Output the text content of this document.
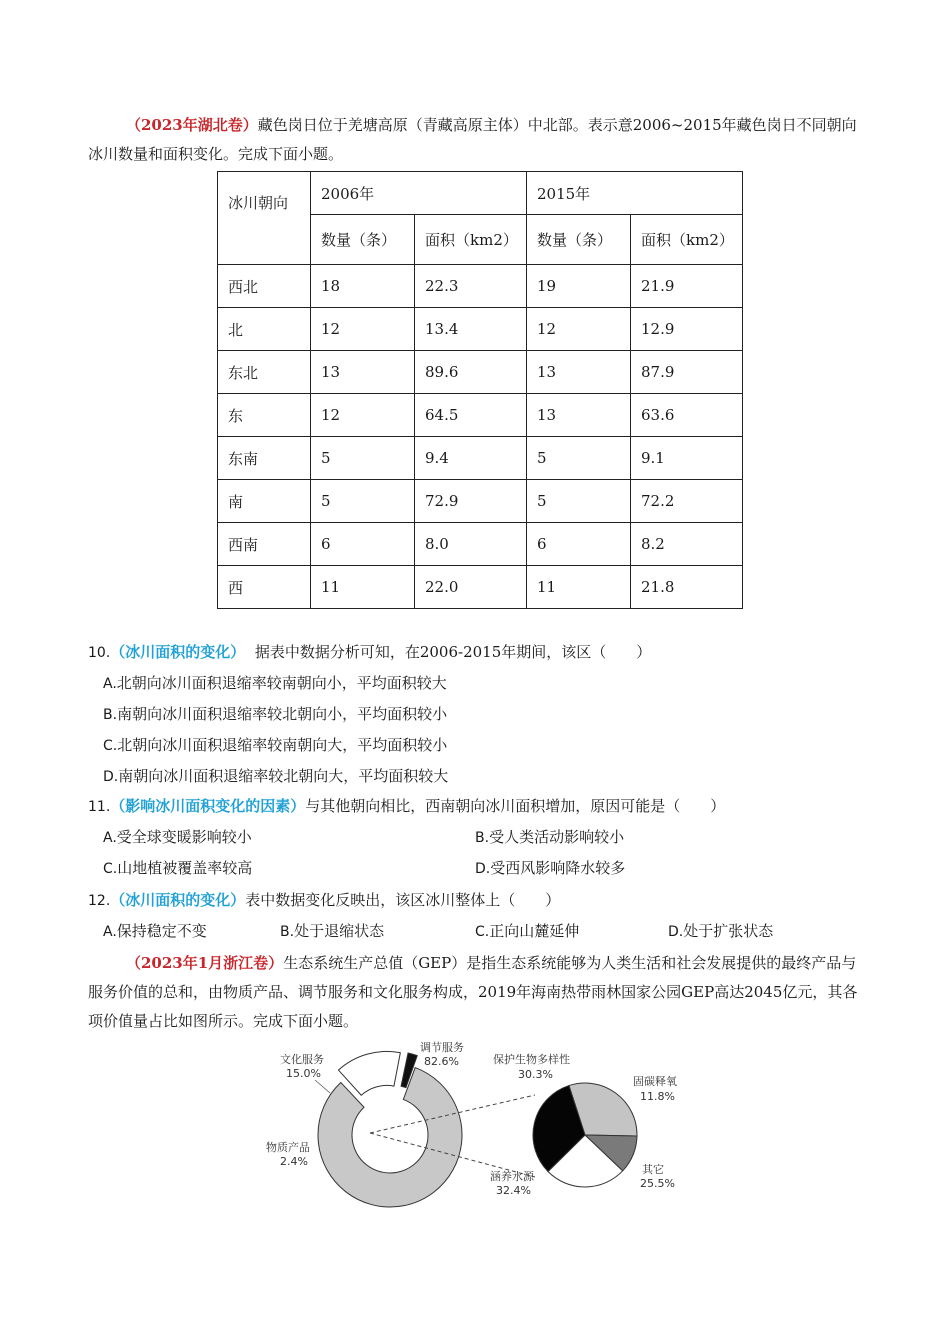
（2023年湖北卷）藏色岗日位于羌塘高原（青藏高原主体）中北部。表示意2006~2015年藏色岗日不同朝向冰川数量和面积变化。完成下面小题。

冰川朝向	2006年		2015年	
	数量（条）	面积（km2）	数量（条）	面积（km2）
西北	18	22.3	19	21.9
北	12	13.4	12	12.9
东北	13	89.6	13	87.9
东	12	64.5	13	63.6
东南	5	9.4	5	9.1
南	5	72.9	5	72.2
西南	6	8.0	6	8.2
西	11	22.0	11	21.8
10.（冰川面积的变化） 据表中数据分析可知，在2006-2015年期间，该区（　　）
A.北朝向冰川面积退缩率较南朝向小，平均面积较大
B.南朝向冰川面积退缩率较北朝向小，平均面积较小
C.北朝向冰川面积退缩率较南朝向大，平均面积较小
D.南朝向冰川面积退缩率较北朝向大，平均面积较大
11.（影响冰川面积变化的因素）与其他朝向相比，西南朝向冰川面积增加，原因可能是（　　）
A.受全球变暖影响较小	B.受人类活动影响较小
C.山地植被覆盖率较高	D.受西风影响降水较多
12.（冰川面积的变化）表中数据变化反映出，该区冰川整体上（　　）
A.保持稳定不变	B.处于退缩状态	C.正向山麓延伸	D.处于扩张状态

（2023年1月浙江卷）生态系统生产总值（GEP）是指生态系统能够为人类生活和社会发展提供的最终产品与服务价值的总和，由物质产品、调节服务和文化服务构成，2019年海南热带雨林国家公园GEP高达2045亿元，其各项价值量占比如图所示。完成下面小题。

文化服务
15.0%
调节服务
82.6%
物质产品
2.4%
保护生物多样性
30.3%
固碳释氧
11.8%
其它
25.5%
涵养水源
32.4%
